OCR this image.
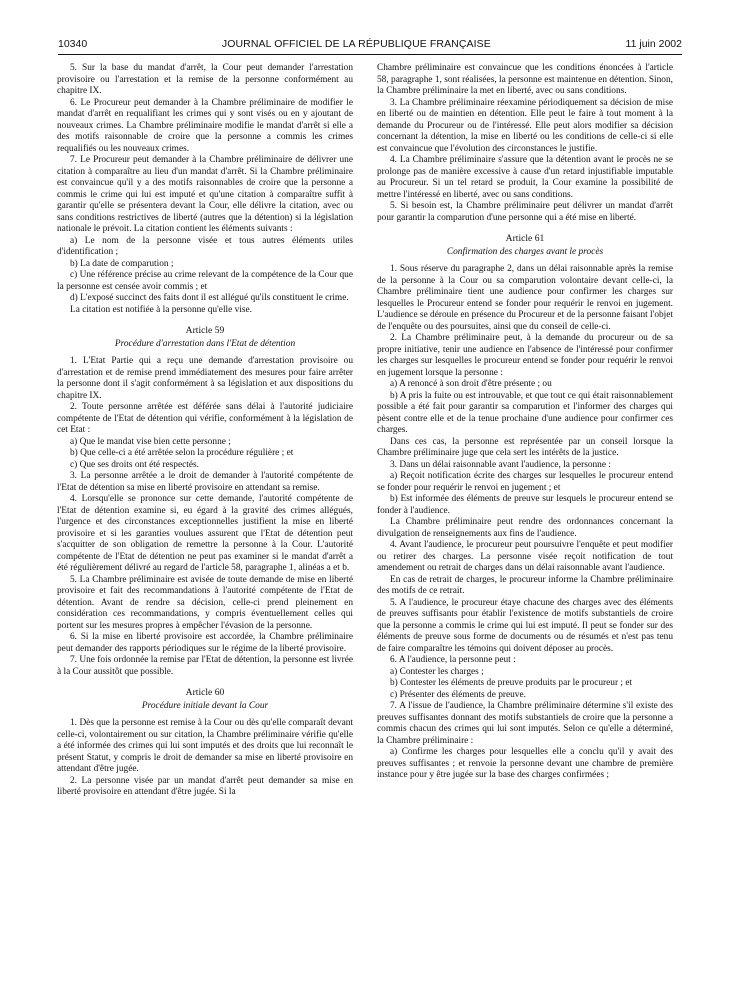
10340	JOURNAL OFFICIEL DE LA RÉPUBLIQUE FRANÇAISE	11 juin 2002

5. Sur la base du mandat d'arrêt, la Cour peut demander l'arrestation provisoire ou l'arrestation et la remise de la personne conformément au chapitre IX.

6. Le Procureur peut demander à la Chambre préliminaire de modifier le mandat d'arrêt en requalifiant les crimes qui y sont visés ou en y ajoutant de nouveaux crimes. La Chambre préliminaire modifie le mandat d'arrêt si elle a des motifs raisonnable de croire que la personne a commis les crimes requalifiés ou les nouveaux crimes.

7. Le Procureur peut demander à la Chambre préliminaire de délivrer une citation à comparaître au lieu d'un mandat d'arrêt. Si la Chambre préliminaire est convaincue qu'il y a des motifs raisonnables de croire que la personne a commis le crime qui lui est imputé et qu'une citation à comparaître suffit à garantir qu'elle se présentera devant la Cour, elle délivre la citation, avec ou sans conditions restrictives de liberté (autres que la détention) si la législation nationale le prévoit. La citation contient les éléments suivants :

a) Le nom de la personne visée et tous autres éléments utiles d'identification ;

b) La date de comparution ;

c) Une référence précise au crime relevant de la compétence de la Cour que la personne est censée avoir commis ; et

d) L'exposé succinct des faits dont il est allégué qu'ils constituent le crime.

La citation est notifiée à la personne qu'elle vise.

Article 59
Procédure d'arrestation dans l'Etat de détention

1. L'Etat Partie qui a reçu une demande d'arrestation provisoire ou d'arrestation et de remise prend immédiatement des mesures pour faire arrêter la personne dont il s'agit conformément à sa législation et aux dispositions du chapitre IX.

2. Toute personne arrêtée est déférée sans délai à l'autorité judiciaire compétente de l'Etat de détention qui vérifie, conformément à la législation de cet Etat :

a) Que le mandat vise bien cette personne ;

b) Que celle-ci a été arrêtée selon la procédure régulière ; et

c) Que ses droits ont été respectés.

3. La personne arrêtée a le droit de demander à l'autorité compétente de l'Etat de détention sa mise en liberté provisoire en attendant sa remise.

4. Lorsqu'elle se prononce sur cette demande, l'autorité compétente de l'Etat de détention examine si, eu égard à la gravité des crimes allégués, l'urgence et des circonstances exceptionnelles justifient la mise en liberté provisoire et si les garanties voulues assurent que l'Etat de détention peut s'acquitter de son obligation de remettre la personne à la Cour. L'autorité compétente de l'Etat de détention ne peut pas examiner si le mandat d'arrêt a été régulièrement délivré au regard de l'article 58, paragraphe 1, alinéas a et b.

5. La Chambre préliminaire est avisée de toute demande de mise en liberté provisoire et fait des recommandations à l'autorité compétente de l'Etat de détention. Avant de rendre sa décision, celle-ci prend pleinement en considération ces recommandations, y compris éventuellement celles qui portent sur les mesures propres à empêcher l'évasion de la personne.

6. Si la mise en liberté provisoire est accordée, la Chambre préliminaire peut demander des rapports périodiques sur le régime de la liberté provisoire.

7. Une fois ordonnée la remise par l'Etat de détention, la personne est livrée à la Cour aussitôt que possible.

Article 60
Procédure initiale devant la Cour

1. Dès que la personne est remise à la Cour ou dès qu'elle comparaît devant celle-ci, volontairement ou sur citation, la Chambre préliminaire vérifie qu'elle a été informée des crimes qui lui sont imputés et des droits que lui reconnaît le présent Statut, y compris le droit de demander sa mise en liberté provisoire en attendant d'être jugée.

2. La personne visée par un mandat d'arrêt peut demander sa mise en liberté provisoire en attendant d'être jugée. Si la

Chambre préliminaire est convaincue que les conditions énoncées à l'article 58, paragraphe 1, sont réalisées, la personne est maintenue en détention. Sinon, la Chambre préliminaire la met en liberté, avec ou sans conditions.

3. La Chambre préliminaire réexamine périodiquement sa décision de mise en liberté ou de maintien en détention. Elle peut le faire à tout moment à la demande du Procureur ou de l'intéressé. Elle peut alors modifier sa décision concernant la détention, la mise en liberté ou les conditions de celle-ci si elle est convaincue que l'évolution des circonstances le justifie.

4. La Chambre préliminaire s'assure que la détention avant le procès ne se prolonge pas de manière excessive à cause d'un retard injustifiable imputable au Procureur. Si un tel retard se produit, la Cour examine la possibilité de mettre l'intéressé en liberté, avec ou sans conditions.

5. Si besoin est, la Chambre préliminaire peut délivrer un mandat d'arrêt pour garantir la comparution d'une personne qui a été mise en liberté.

Article 61
Confirmation des charges avant le procès

1. Sous réserve du paragraphe 2, dans un délai raisonnable après la remise de la personne à la Cour ou sa comparution volontaire devant celle-ci, la Chambre préliminaire tient une audience pour confirmer les charges sur lesquelles le Procureur entend se fonder pour requérir le renvoi en jugement. L'audience se déroule en présence du Procureur et de la personne faisant l'objet de l'enquête ou des poursuites, ainsi que du conseil de celle-ci.

2. La Chambre préliminaire peut, à la demande du procureur ou de sa propre initiative, tenir une audience en l'absence de l'intéressé pour confirmer les charges sur lesquelles le procureur entend se fonder pour requérir le renvoi en jugement lorsque la personne :

a) A renoncé à son droit d'être présente ; ou

b) A pris la fuite ou est introuvable, et que tout ce qui était raisonnablement possible a été fait pour garantir sa comparution et l'informer des charges qui pèsent contre elle et de la tenue prochaine d'une audience pour confirmer ces charges.

Dans ces cas, la personne est représentée par un conseil lorsque la Chambre préliminaire juge que cela sert les intérêts de la justice.

3. Dans un délai raisonnable avant l'audience, la personne :

a) Reçoit notification écrite des charges sur lesquelles le procureur entend se fonder pour requérir le renvoi en jugement ; et

b) Est informée des éléments de preuve sur lesquels le procureur entend se fonder à l'audience.

La Chambre préliminaire peut rendre des ordonnances concernant la divulgation de renseignements aux fins de l'audience.

4. Avant l'audience, le procureur peut poursuivre l'enquête et peut modifier ou retirer des charges. La personne visée reçoit notification de tout amendement ou retrait de charges dans un délai raisonnable avant l'audience.

En cas de retrait de charges, le procureur informe la Chambre préliminaire des motifs de ce retrait.

5. A l'audience, le procureur étaye chacune des charges avec des éléments de preuves suffisants pour établir l'existence de motifs substantiels de croire que la personne a commis le crime qui lui est imputé. Il peut se fonder sur des éléments de preuve sous forme de documents ou de résumés et n'est pas tenu de faire comparaître les témoins qui doivent déposer au procès.

6. A l'audience, la personne peut :

a) Contester les charges ;

b) Contester les éléments de preuve produits par le procureur ; et

c) Présenter des éléments de preuve.

7. A l'issue de l'audience, la Chambre préliminaire détermine s'il existe des preuves suffisantes donnant des motifs substantiels de croire que la personne a commis chacun des crimes qui lui sont imputés. Selon ce qu'elle a déterminé, la Chambre préliminaire :

a) Confirme les charges pour lesquelles elle a conclu qu'il y avait des preuves suffisantes ; et renvoie la personne devant une chambre de première instance pour y être jugée sur la base des charges confirmées ;
